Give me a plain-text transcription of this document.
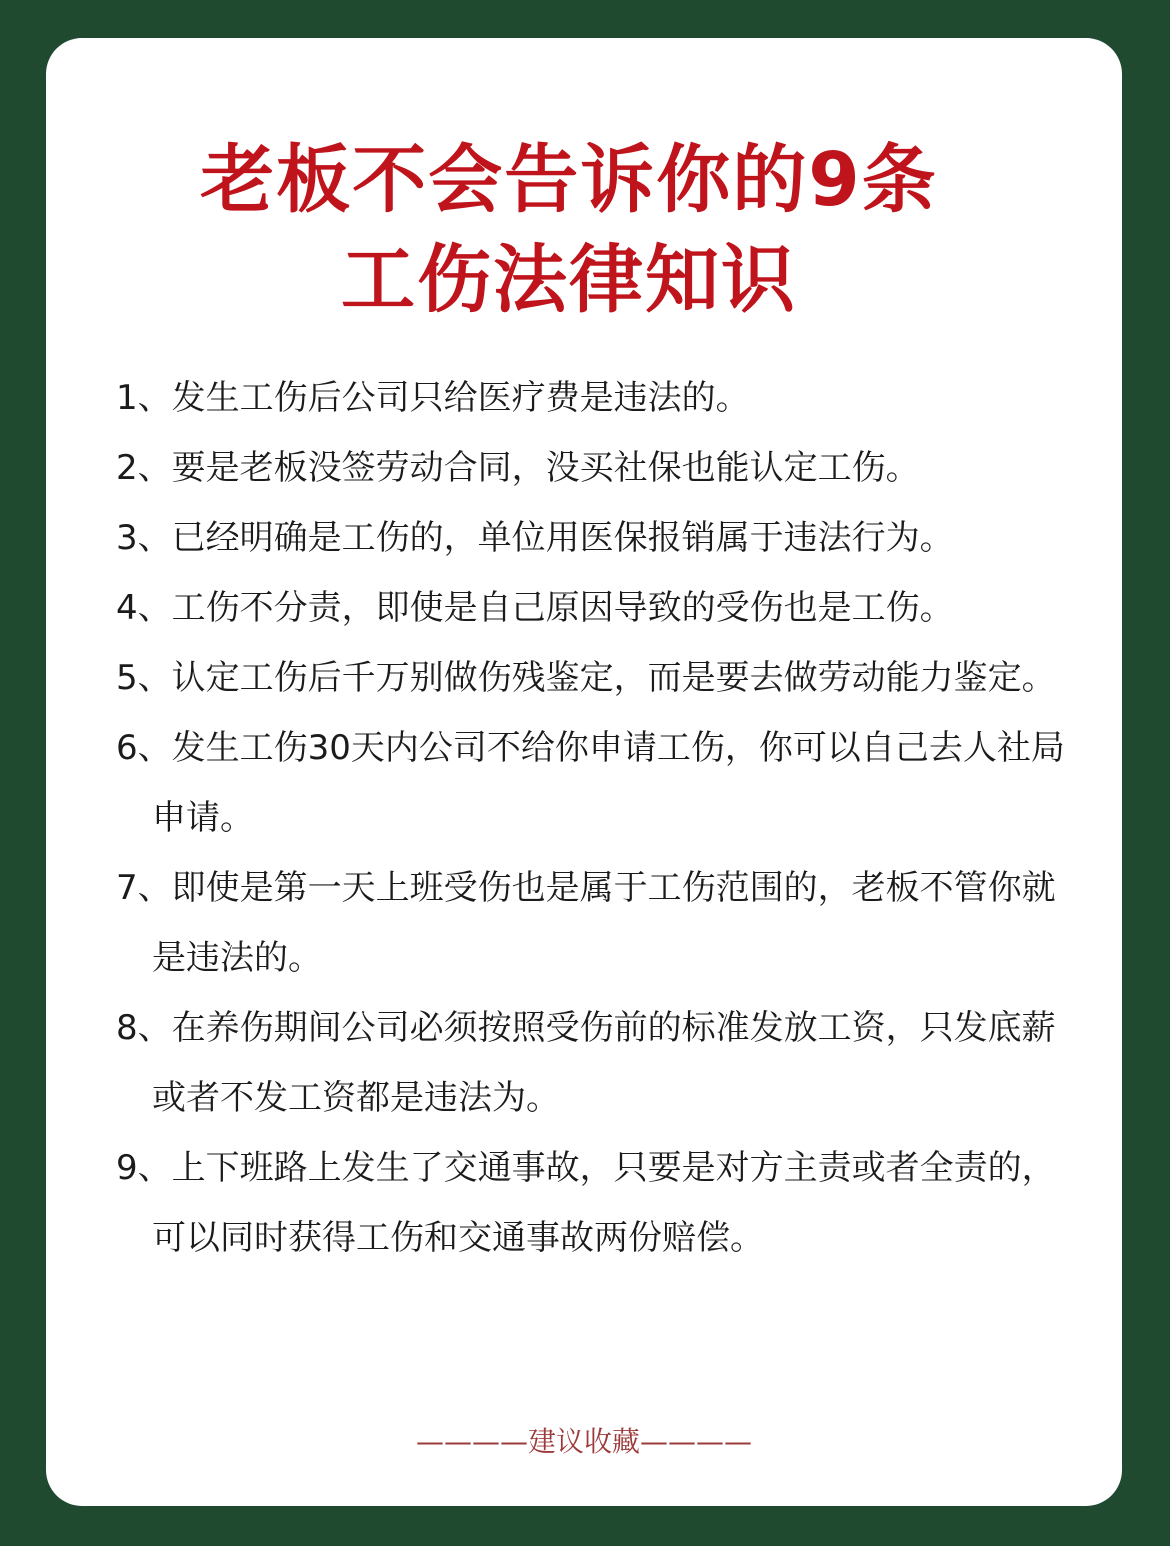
老板不会告诉你的9条
工伤法律知识
1、发生工伤后公司只给医疗费是违法的。
2、要是老板没签劳动合同，没买社保也能认定工伤。
3、已经明确是工伤的，单位用医保报销属于违法行为。
4、工伤不分责，即使是自己原因导致的受伤也是工伤。
5、认定工伤后千万别做伤残鉴定，而是要去做劳动能力鉴定。
6、发生工伤30天内公司不给你申请工伤，你可以自己去人社局申请。
7、即使是第一天上班受伤也是属于工伤范围的，老板不管你就是违法的。
8、在养伤期间公司必须按照受伤前的标准发放工资，只发底薪或者不发工资都是违法为。
9、上下班路上发生了交通事故，只要是对方主责或者全责的，可以同时获得工伤和交通事故两份赔偿。
————建议收藏————
